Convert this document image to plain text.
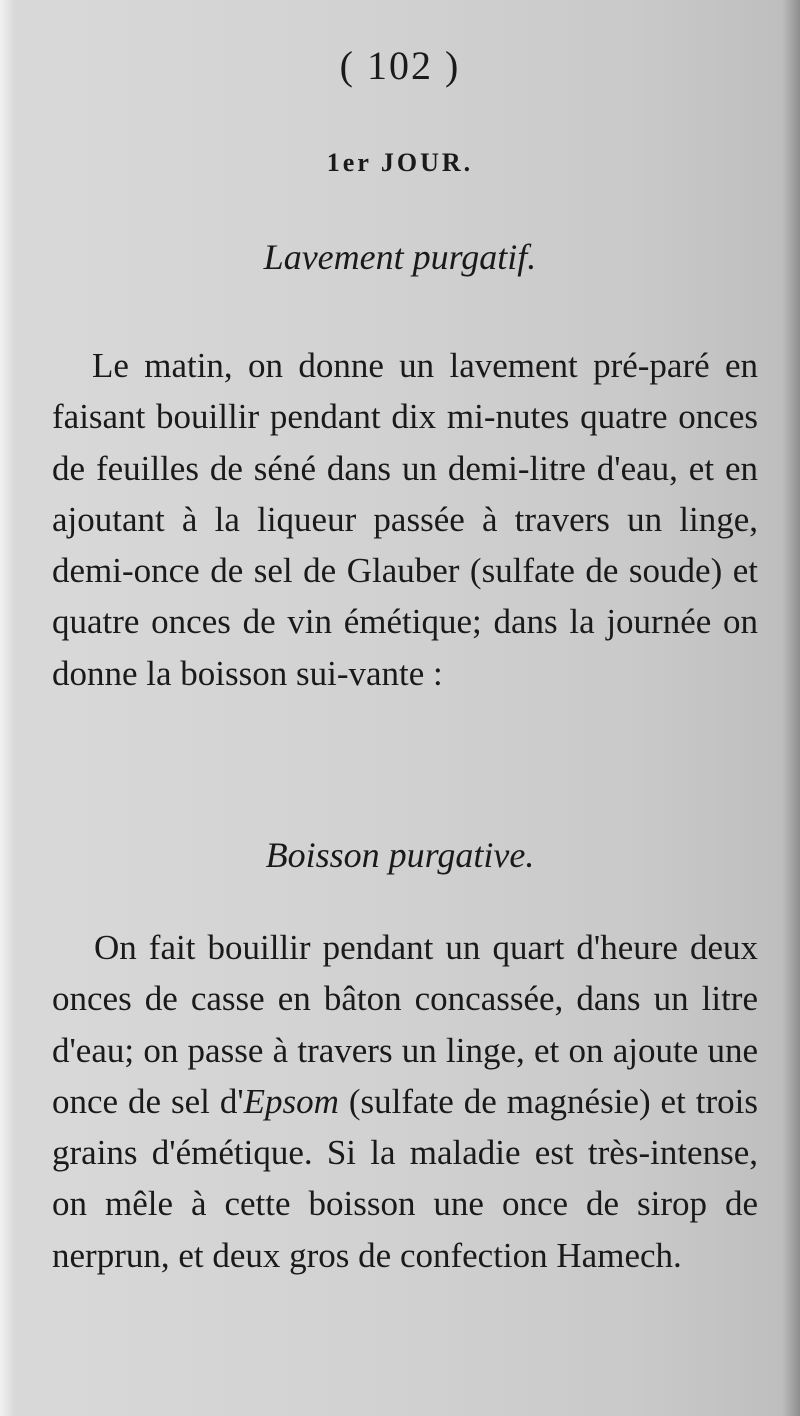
( 102 )
1er JOUR.
Lavement purgatif.
Le matin, on donne un lavement pré-paré en faisant bouillir pendant dix mi-nutes quatre onces de feuilles de séné dans un demi-litre d'eau, et en ajoutant à la liqueur passée à travers un linge, demi-once de sel de Glauber (sulfate de soude) et quatre onces de vin émétique; dans la journée on donne la boisson sui-vante :
Boisson purgative.
On fait bouillir pendant un quart d'heure deux onces de casse en bâton concassée, dans un litre d'eau; on passe à travers un linge, et on ajoute une once de sel d'Epsom (sulfate de magnésie) et trois grains d'émétique. Si la maladie est très-intense, on mêle à cette boisson une once de sirop de nerprun, et deux gros de confection Hamech.
